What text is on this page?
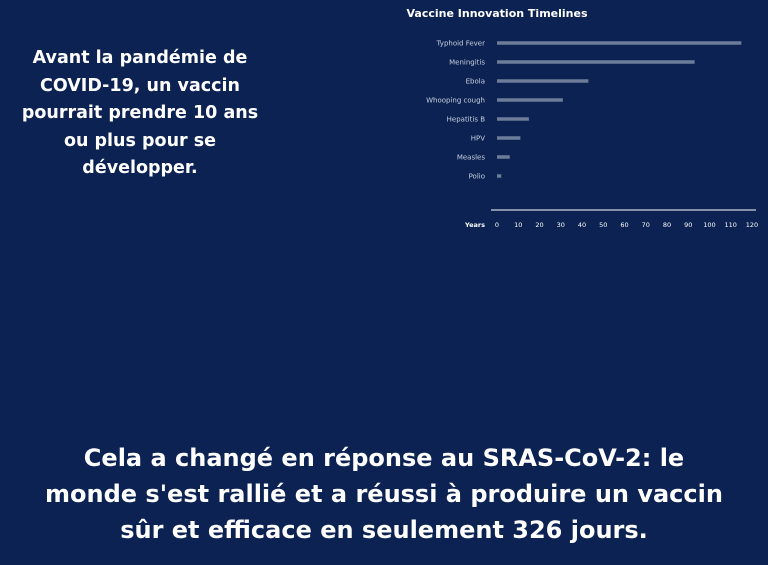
Avant la pandémie de
COVID-19, un vaccin
pourrait prendre 10 ans
ou plus pour se
développer.
Vaccine Innovation Timelines
Typhoid Fever
Meningitis
Ebola
Whooping cough
Hepatitis B
HPV
Measles
Polio
Years 0 10 20 30 40 50 60 70 80 90 100 110 120
Cela a changé en réponse au SRAS-CoV-2: le
monde s'est rallié et a réussi à produire un vaccin
sûr et efficace en seulement 326 jours.
